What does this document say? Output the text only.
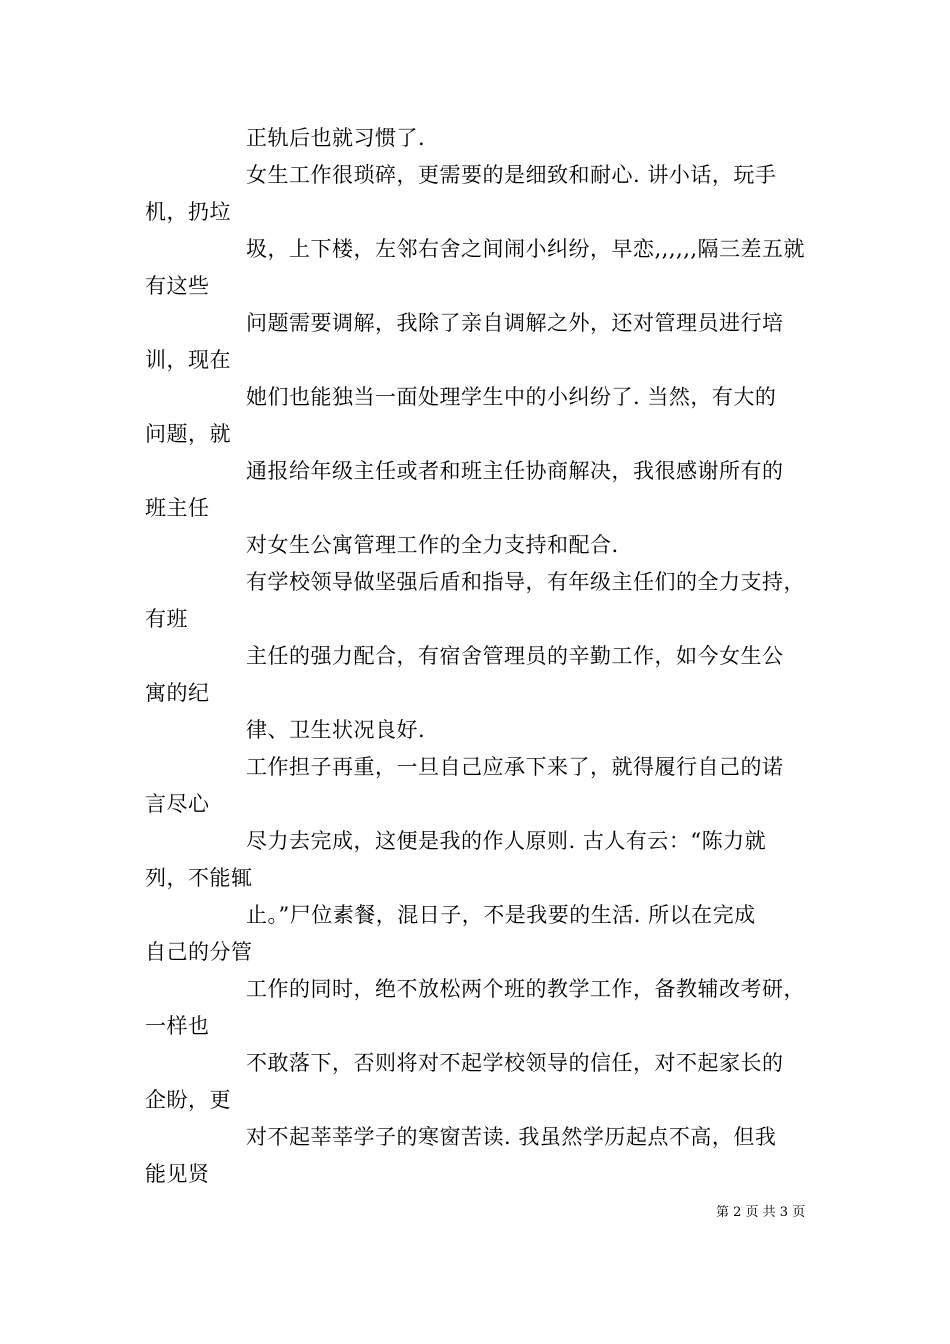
正轨后也就习惯了.
女生工作很琐碎，更需要的是细致和耐心. 讲小话，玩手
机，扔垃
圾，上下楼，左邻右舍之间闹小纠纷，早恋,,,,,,隔三差五就
有这些
问题需要调解，我除了亲自调解之外，还对管理员进行培
训，现在
她们也能独当一面处理学生中的小纠纷了. 当然，有大的
问题，就
通报给年级主任或者和班主任协商解决，我很感谢所有的
班主任
对女生公寓管理工作的全力支持和配合.
有学校领导做坚强后盾和指导，有年级主任们的全力支持，
有班
主任的强力配合，有宿舍管理员的辛勤工作，如今女生公
寓的纪
律、卫生状况良好.
工作担子再重，一旦自己应承下来了，就得履行自己的诺
言尽心
尽力去完成，这便是我的作人原则. 古人有云：“陈力就
列，不能辄
止。”尸位素餐，混日子，不是我要的生活. 所以在完成
自己的分管
工作的同时，绝不放松两个班的教学工作，备教辅改考研，
一样也
不敢落下，否则将对不起学校领导的信任，对不起家长的
企盼，更
对不起莘莘学子的寒窗苦读. 我虽然学历起点不高，但我
能见贤
第 2 页 共 3 页
